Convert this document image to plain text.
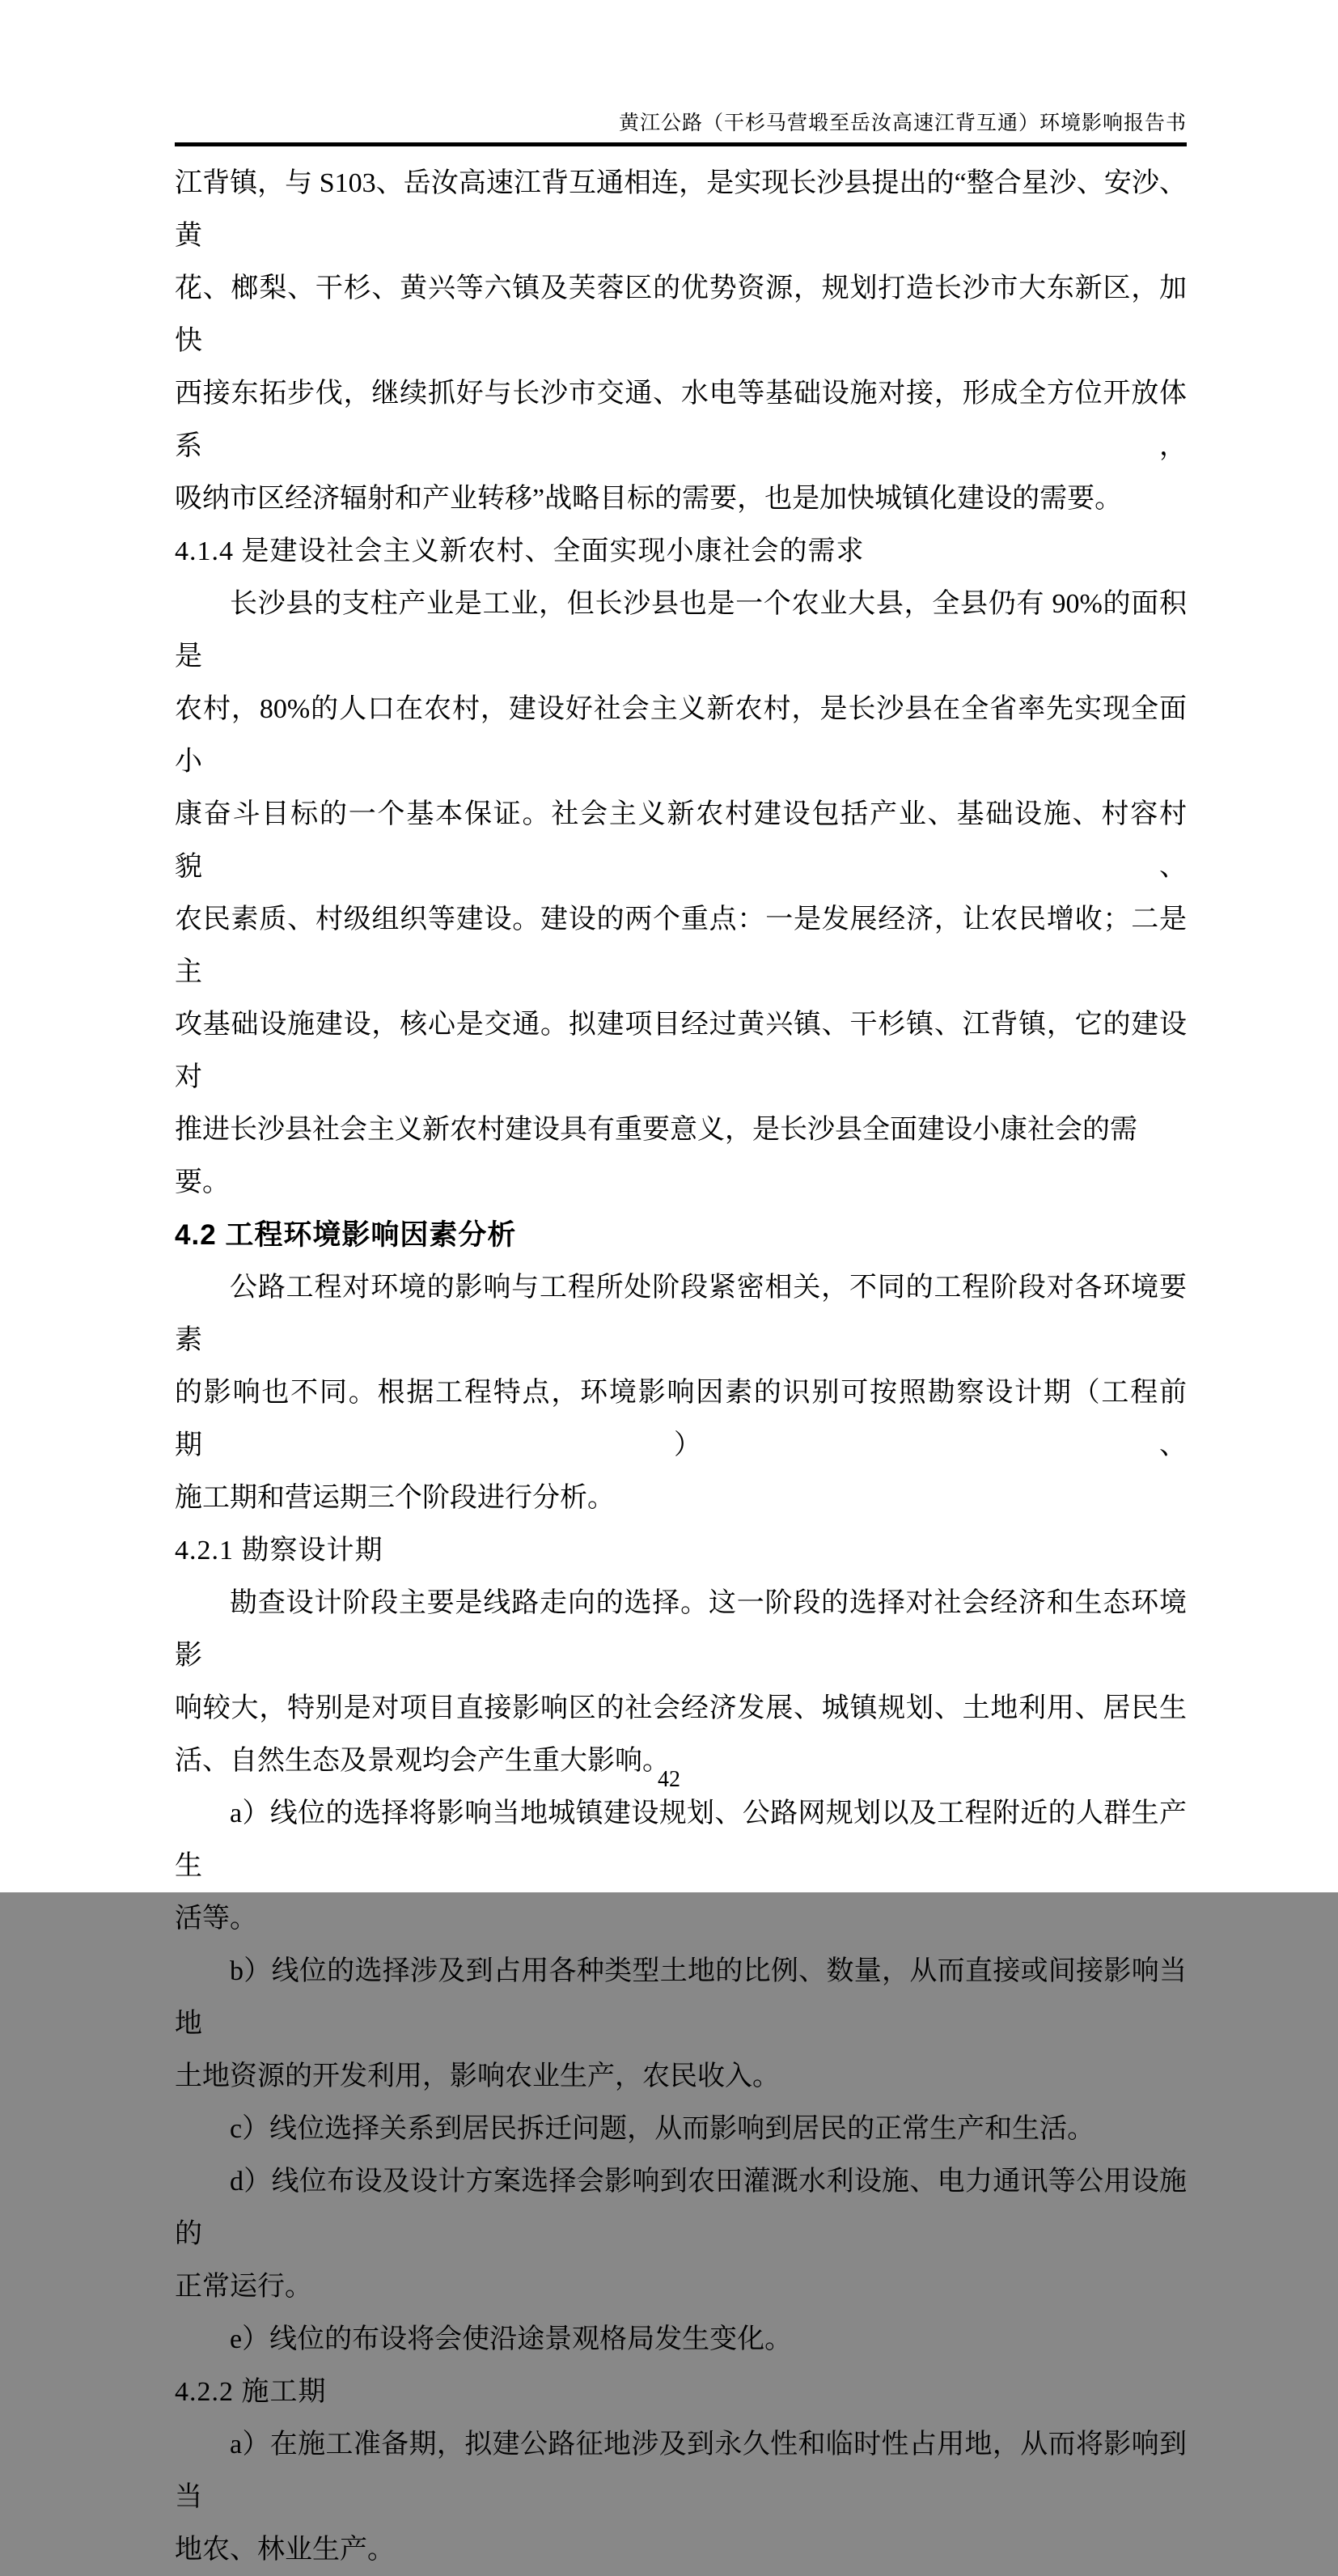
黄江公路（干杉马营塅至岳汝高速江背互通）环境影响报告书
江背镇，与 S103、岳汝高速江背互通相连，是实现长沙县提出的“整合星沙、安沙、黄
花、榔梨、干杉、黄兴等六镇及芙蓉区的优势资源，规划打造长沙市大东新区，加快
西接东拓步伐，继续抓好与长沙市交通、水电等基础设施对接，形成全方位开放体系，
吸纳市区经济辐射和产业转移”战略目标的需要，也是加快城镇化建设的需要。
4.1.4 是建设社会主义新农村、全面实现小康社会的需求
长沙县的支柱产业是工业，但长沙县也是一个农业大县，全县仍有 90%的面积是
农村，80%的人口在农村，建设好社会主义新农村，是长沙县在全省率先实现全面小
康奋斗目标的一个基本保证。社会主义新农村建设包括产业、基础设施、村容村貌、
农民素质、村级组织等建设。建设的两个重点：一是发展经济，让农民增收；二是主
攻基础设施建设，核心是交通。拟建项目经过黄兴镇、干杉镇、江背镇，它的建设对
推进长沙县社会主义新农村建设具有重要意义，是长沙县全面建设小康社会的需要。
4.2 工程环境影响因素分析
公路工程对环境的影响与工程所处阶段紧密相关，不同的工程阶段对各环境要素
的影响也不同。根据工程特点，环境影响因素的识别可按照勘察设计期（工程前期）、
施工期和营运期三个阶段进行分析。
4.2.1 勘察设计期
勘查设计阶段主要是线路走向的选择。这一阶段的选择对社会经济和生态环境影
响较大，特别是对项目直接影响区的社会经济发展、城镇规划、土地利用、居民生
活、自然生态及景观均会产生重大影响。
a）线位的选择将影响当地城镇建设规划、公路网规划以及工程附近的人群生产生
活等。
b）线位的选择涉及到占用各种类型土地的比例、数量，从而直接或间接影响当地
土地资源的开发利用，影响农业生产，农民收入。
c）线位选择关系到居民拆迁问题，从而影响到居民的正常生产和生活。
d）线位布设及设计方案选择会影响到农田灌溉水利设施、电力通讯等公用设施的
正常运行。
e）线位的布设将会使沿途景观格局发生变化。
4.2.2 施工期
a）在施工准备期，拟建公路征地涉及到永久性和临时性占用地，从而将影响到当
地农、林业生产。
42
